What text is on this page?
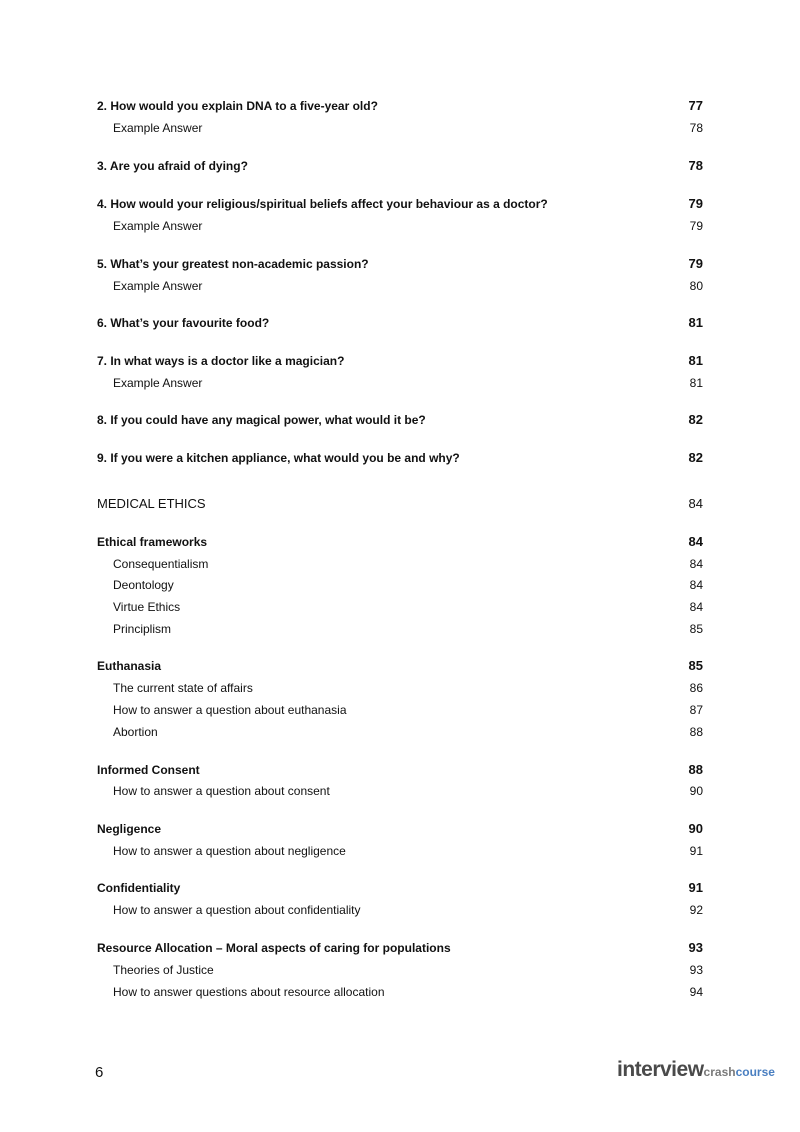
2. How would you explain DNA to a five-year old?	77
Example Answer	78
3. Are you afraid of dying?	78
4. How would your religious/spiritual beliefs affect your behaviour as a doctor?	79
Example Answer	79
5. What’s your greatest non-academic passion?	79
Example Answer	80
6. What’s your favourite food?	81
7. In what ways is a doctor like a magician?	81
Example Answer	81
8. If you could have any magical power, what would it be?	82
9. If you were a kitchen appliance, what would you be and why?	82
MEDICAL ETHICS	84
Ethical frameworks	84
Consequentialism	84
Deontology	84
Virtue Ethics	84
Principlism	85
Euthanasia	85
The current state of affairs	86
How to answer a question about euthanasia	87
Abortion	88
Informed Consent	88
How to answer a question about consent	90
Negligence	90
How to answer a question about negligence	91
Confidentiality	91
How to answer a question about confidentiality	92
Resource Allocation – Moral aspects of caring for populations	93
Theories of Justice	93
How to answer questions about resource allocation	94
6	interviewcrashcourse
